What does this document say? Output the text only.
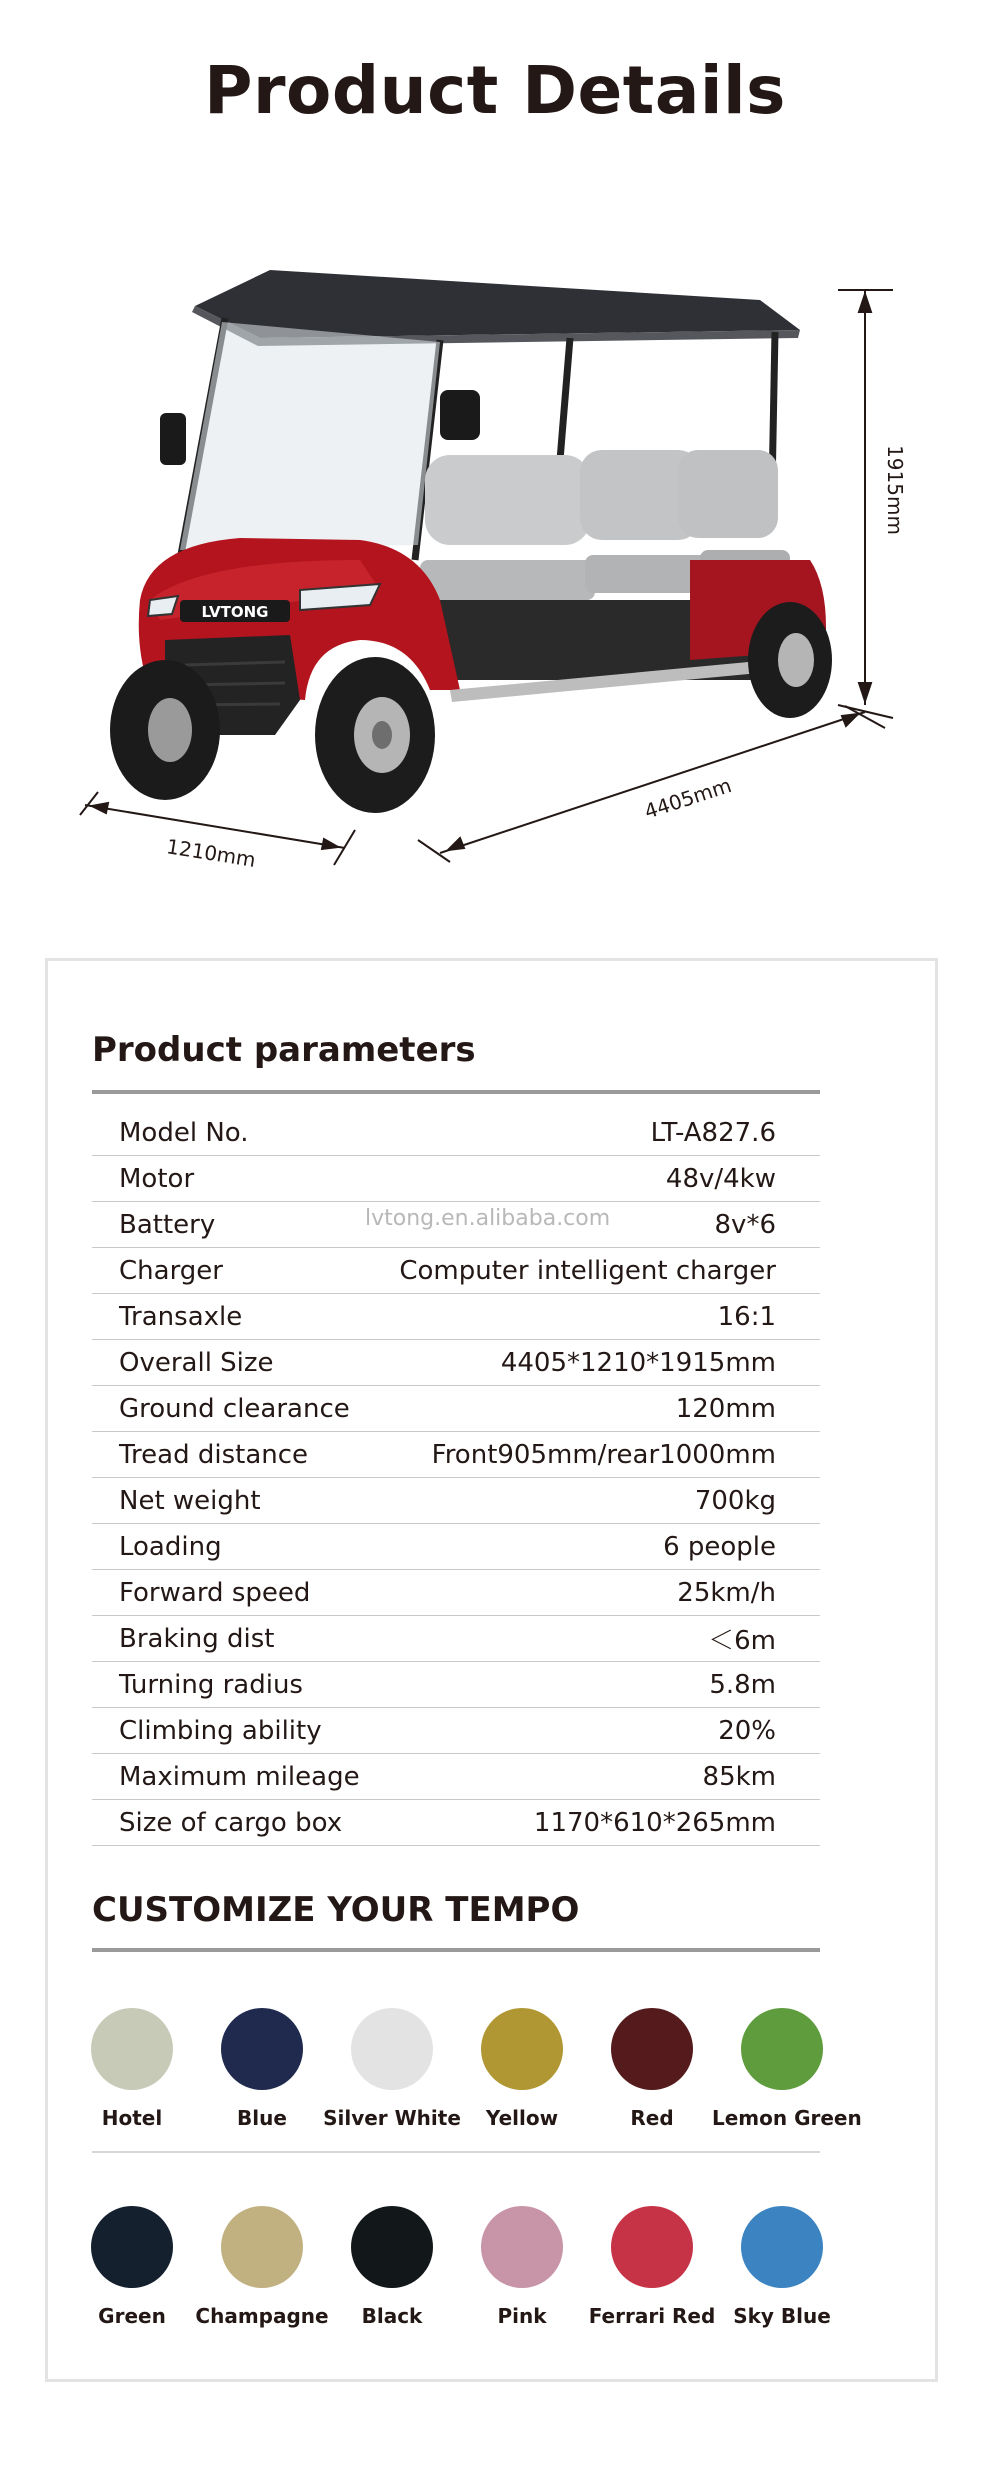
Product Details
1915mm
4405mm
1210mm
LVTONG
Product parameters
Model No.	LT-A827.6
Motor	48v/4kw
Battery	8v*6
Charger	Computer intelligent charger
Transaxle	16:1
Overall Size	4405*1210*1915mm
Ground clearance	120mm
Tread distance	Front905mm/rear1000mm
Net weight	700kg
Loading	6 people
Forward speed	25km/h
Braking dist	＜6m
Turning radius	5.8m
Climbing ability	20%
Maximum mileage	85km
Size of cargo box	1170*610*265mm
lvtong.en.alibaba.com
CUSTOMIZE YOUR TEMPO
Hotel	Blue	Silver White	Yellow	Red	Lemon Green
Green	Champagne	Black	Pink	Ferrari Red Sky Blue
